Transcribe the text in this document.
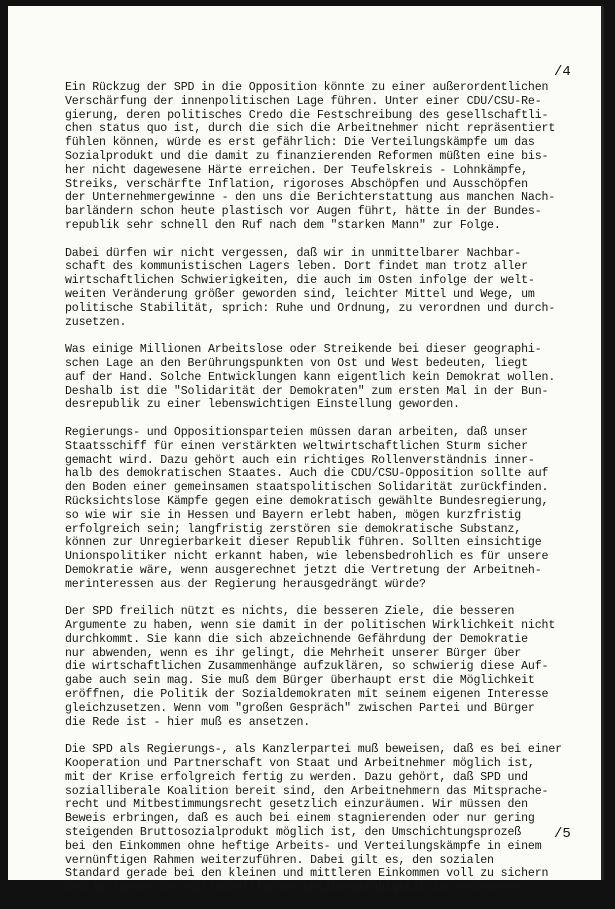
/4

Ein Rückzug der SPD in die Opposition könnte zu einer außerordentlichen
Verschärfung der innenpolitischen Lage führen. Unter einer CDU/CSU-Re-
gierung, deren politisches Credo die Festschreibung des gesellschaftli-
chen status quo ist, durch die sich die Arbeitnehmer nicht repräsentiert
fühlen können, würde es erst gefährlich: Die Verteilungskämpfe um das
Sozialprodukt und die damit zu finanzierenden Reformen müßten eine bis-
her nicht dagewesene Härte erreichen. Der Teufelskreis - Lohnkämpfe,
Streiks, verschärfte Inflation, rigoroses Abschöpfen und Ausschöpfen
der Unternehmergewinne - den uns die Berichterstattung aus manchen Nach-
barländern schon heute plastisch vor Augen führt, hätte in der Bundes-
republik sehr schnell den Ruf nach dem "starken Mann" zur Folge.

Dabei dürfen wir nicht vergessen, daß wir in unmittelbarer Nachbar-
schaft des kommunistischen Lagers leben. Dort findet man trotz aller
wirtschaftlichen Schwierigkeiten, die auch im Osten infolge der welt-
weiten Veränderung größer geworden sind, leichter Mittel und Wege, um
politische Stabilität, sprich: Ruhe und Ordnung, zu verordnen und durch-
zusetzen.

Was einige Millionen Arbeitslose oder Streikende bei dieser geographi-
schen Lage an den Berührungspunkten von Ost und West bedeuten, liegt
auf der Hand. Solche Entwicklungen kann eigentlich kein Demokrat wollen.
Deshalb ist die "Solidarität der Demokraten" zum ersten Mal in der Bun-
desrepublik zu einer lebenswichtigen Einstellung geworden.

Regierungs- und Oppositionsparteien müssen daran arbeiten, daß unser
Staatsschiff für einen verstärkten weltwirtschaftlichen Sturm sicher
gemacht wird. Dazu gehört auch ein richtiges Rollenverständnis inner-
halb des demokratischen Staates. Auch die CDU/CSU-Opposition sollte auf
den Boden einer gemeinsamen staatspolitischen Solidarität zurückfinden.
Rücksichtslose Kämpfe gegen eine demokratisch gewählte Bundesregierung,
so wie wir sie in Hessen und Bayern erlebt haben, mögen kurzfristig
erfolgreich sein; langfristig zerstören sie demokratische Substanz,
können zur Unregierbarkeit dieser Republik führen. Sollten einsichtige
Unionspolitiker nicht erkannt haben, wie lebensbedrohlich es für unsere
Demokratie wäre, wenn ausgerechnet jetzt die Vertretung der Arbeitneh-
merinteressen aus der Regierung herausgedrängt würde?

Der SPD freilich nützt es nichts, die besseren Ziele, die besseren
Argumente zu haben, wenn sie damit in der politischen Wirklichkeit nicht
durchkommt. Sie kann die sich abzeichnende Gefährdung der Demokratie
nur abwenden, wenn es ihr gelingt, die Mehrheit unserer Bürger über
die wirtschaftlichen Zusammenhänge aufzuklären, so schwierig diese Auf-
gabe auch sein mag. Sie muß dem Bürger überhaupt erst die Möglichkeit
eröffnen, die Politik der Sozialdemokraten mit seinem eigenen Interesse
gleichzusetzen. Wenn vom "großen Gespräch" zwischen Partei und Bürger
die Rede ist - hier muß es ansetzen.

Die SPD als Regierungs-, als Kanzlerpartei muß beweisen, daß es bei einer
Kooperation und Partnerschaft von Staat und Arbeitnehmer möglich ist,
mit der Krise erfolgreich fertig zu werden. Dazu gehört, daß SPD und
sozialliberale Koalition bereit sind, den Arbeitnehmern das Mitsprache-
recht und Mitbestimmungsrecht gesetzlich einzuräumen. Wir müssen den
Beweis erbringen, daß es auch bei einem stagnierenden oder nur gering
steigenden Bruttosozialprodukt möglich ist, den Umschichtungsprozeß
bei den Einkommen ohne heftige Arbeits- und Verteilungskämpfe in einem
vernünftigen Rahmen weiterzuführen. Dabei gilt es, den sozialen
Standard gerade bei den kleinen und mittleren Einkommen voll zu sichern
und im Rahmen der wirtschaftlichen Leistungsfähigkeit zu verbessern.

/5
